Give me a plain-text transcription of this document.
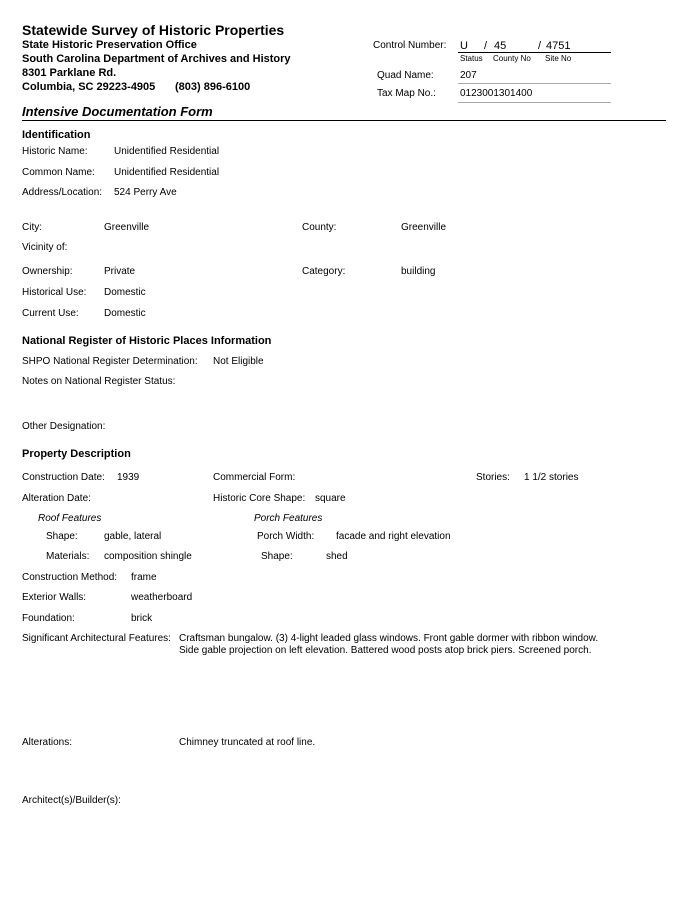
Statewide Survey of Historic Properties
State Historic Preservation Office
South Carolina Department of Archives and History
8301 Parklane Rd.
Columbia, SC 29223-4905 (803) 896-6100
Control Number: U / 45	/ 4751
Status County No Site No
Quad Name:	207
Tax Map No.: 0123001301400
Intensive Documentation Form
Identification
Historic Name:	Unidentified Residential
Common Name: Unidentified Residential
Address/Location: 524 Perry Ave
City:	Greenville	County:	Greenville
Vicinity of:
Ownership:	Private	Category:	building
Historical Use: Domestic
Current Use:	Domestic
National Register of Historic Places Information
SHPO National Register Determination: Not Eligible
Notes on National Register Status:
Other Designation:
Property Description
Construction Date: 1939	Commercial Form:	Stories: 1 1/2 stories
Alteration Date:	Historic Core Shape: square
Roof Features	Porch Features
Shape:	gable, lateral	Porch Width: facade and right elevation
Materials: composition shingle	Shape:	shed
Construction Method: frame
Exterior Walls:	weatherboard
Foundation:	brick
Significant Architectural Features: Craftsman bungalow. (3) 4-light leaded glass windows. Front gable dormer with ribbon window. Side gable projection on left elevation. Battered wood posts atop brick piers. Screened porch.
Alterations:	Chimney truncated at roof line.
Architect(s)/Builder(s):
